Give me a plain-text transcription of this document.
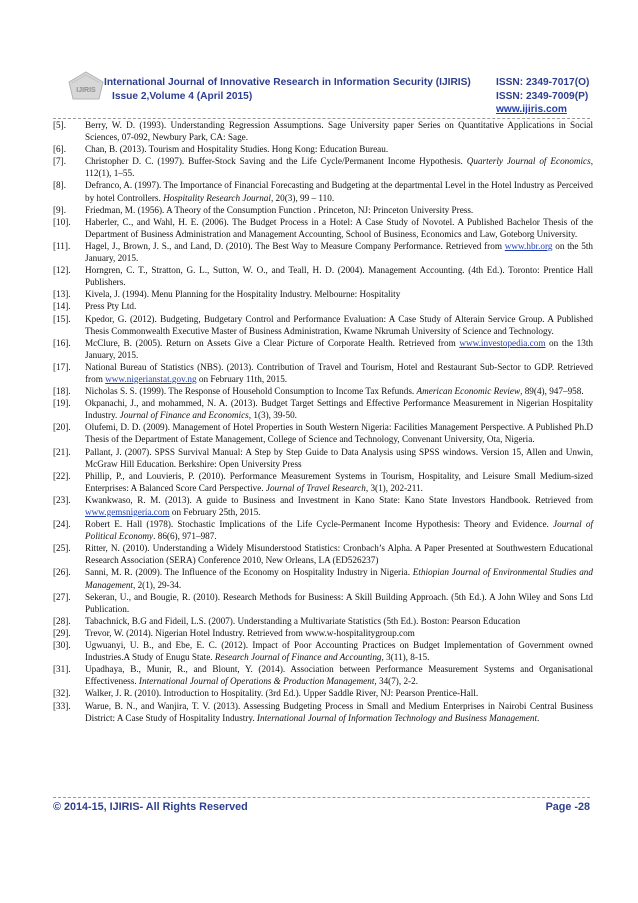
IJIRIS
International Journal of Innovative Research in Information Security (IJIRIS)
Issue 2,Volume 4 (April 2015)
ISSN: 2349-7017(O)
ISSN: 2349-7009(P)
www.ijiris.com
[5]. Berry, W. D. (1993). Understanding Regression Assumptions. Sage University paper Series on Quantitative Applications in Social Sciences, 07-092, Newbury Park, CA: Sage.
[6]. Chan, B. (2013). Tourism and Hospitality Studies. Hong Kong: Education Bureau.
[7]. Christopher D. C. (1997). Buffer-Stock Saving and the Life Cycle/Permanent Income Hypothesis. Quarterly Journal of Economics, 112(1), 1–55.
[8]. Defranco, A. (1997). The Importance of Financial Forecasting and Budgeting at the departmental Level in the Hotel Industry as Perceived by hotel Controllers. Hospitality Research Journal, 20(3), 99 – 110.
[9]. Friedman, M. (1956). A Theory of the Consumption Function . Princeton, NJ: Princeton University Press.
[10]. Haberler, C., and Wahl, H. E. (2006). The Budget Process in a Hotel: A Case Study of Novotel. A Published Bachelor Thesis of the Department of Business Administration and Management Accounting, School of Business, Economics and Law, Goteborg University.
[11]. Hagel, J., Brown, J. S., and Land, D. (2010). The Best Way to Measure Company Performance. Retrieved from www.hbr.org on the 5th January, 2015.
[12]. Horngren, C. T., Stratton, G. L., Sutton, W. O., and Teall, H. D. (2004). Management Accounting. (4th Ed.). Toronto: Prentice Hall Publishers.
[13]. Kivela, J. (1994). Menu Planning for the Hospitality Industry. Melbourne: Hospitality
[14]. Press Pty Ltd.
[15]. Kpedor, G. (2012). Budgeting, Budgetary Control and Performance Evaluation: A Case Study of Alterain Service Group. A Published Thesis Commonwealth Executive Master of Business Administration, Kwame Nkrumah University of Science and Technology.
[16]. McClure, B. (2005). Return on Assets Give a Clear Picture of Corporate Health. Retrieved from www.investopedia.com on the 13th January, 2015.
[17]. National Bureau of Statistics (NBS). (2013). Contribution of Travel and Tourism, Hotel and Restaurant Sub-Sector to GDP. Retrieved from www.nigerianstat.gov.ng on February 11th, 2015.
[18]. Nicholas S. S. (1999). The Response of Household Consumption to Income Tax Refunds. American Economic Review, 89(4), 947–958.
[19]. Okpanachi, J., and mohammed, N. A. (2013). Budget Target Settings and Effective Performance Measurement in Nigerian Hospitality Industry. Journal of Finance and Economics, 1(3), 39-50.
[20]. Olufemi, D. D. (2009). Management of Hotel Properties in South Western Nigeria: Facilities Management Perspective. A Published Ph.D Thesis of the Department of Estate Management, College of Science and Technology, Convenant University, Ota, Nigeria.
[21]. Pallant, J. (2007). SPSS Survival Manual: A Step by Step Guide to Data Analysis using SPSS windows. Version 15, Allen and Unwin, McGraw Hill Education. Berkshire: Open University Press
[22]. Phillip, P., and Louvieris, P. (2010). Performance Measurement Systems in Tourism, Hospitality, and Leisure Small Medium-sized Enterprises: A Balanced Score Card Perspective. Journal of Travel Research, 3(1), 202-211.
[23]. Kwankwaso, R. M. (2013). A guide to Business and Investment in Kano State: Kano State Investors Handbook. Retrieved from www.gemsnigeria.com on February 25th, 2015.
[24]. Robert E. Hall (1978). Stochastic Implications of the Life Cycle-Permanent Income Hypothesis: Theory and Evidence. Journal of Political Economy. 86(6), 971–987.
[25]. Ritter, N. (2010). Understanding a Widely Misunderstood Statistics: Cronbach’s Alpha. A Paper Presented at Southwestern Educational Research Association (SERA) Conference 2010, New Orleans, LA (ED526237)
[26]. Sanni, M. R. (2009). The Influence of the Economy on Hospitality Industry in Nigeria. Ethiopian Journal of Environmental Studies and Management, 2(1), 29-34.
[27]. Sekeran, U., and Bougie, R. (2010). Research Methods for Business: A Skill Building Approach. (5th Ed.). A John Wiley and Sons Ltd Publication.
[28]. Tabachnick, B.G and Fideil, L.S. (2007). Understanding a Multivariate Statistics (5th Ed.). Boston: Pearson Education
[29]. Trevor, W. (2014). Nigerian Hotel Industry. Retrieved from www.w-hospitalitygroup.com
[30]. Ugwuanyi, U. B., and Ebe, E. C. (2012). Impact of Poor Accounting Practices on Budget Implementation of Government owned Industries.A Study of Enugu State. Research Journal of Finance and Accounting, 3(11), 8-15.
[31]. Upadhaya, B., Munir, R., and Blount, Y. (2014). Association between Performance Measurement Systems and Organisational Effectiveness. International Journal of Operations & Production Management, 34(7), 2-2.
[32]. Walker, J. R. (2010). Introduction to Hospitality. (3rd Ed.). Upper Saddle River, NJ: Pearson Prentice-Hall.
[33]. Warue, B. N., and Wanjira, T. V. (2013). Assessing Budgeting Process in Small and Medium Enterprises in Nairobi Central Business District: A Case Study of Hospitality Industry. International Journal of Information Technology and Business Management.
© 2014-15, IJIRIS- All Rights Reserved	Page -28
